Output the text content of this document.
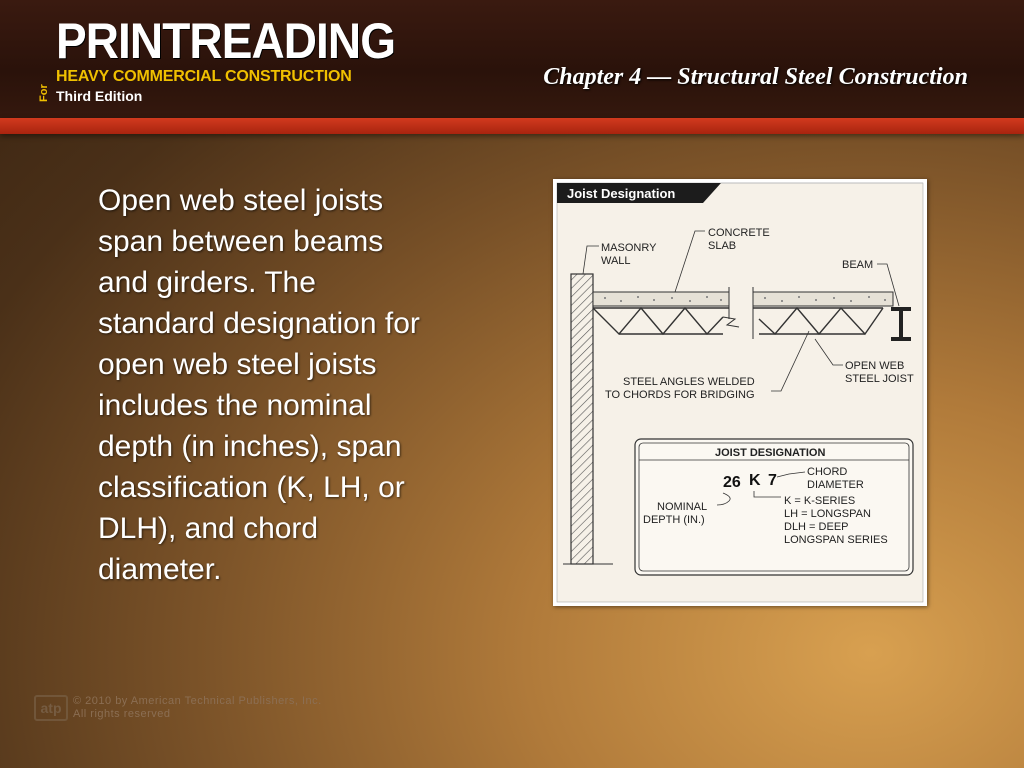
PRINTREADING
For
HEAVY COMMERCIAL CONSTRUCTION
Third Edition
Chapter 4 — Structural Steel Construction
Open web steel joists
span between beams
and girders. The
standard designation for
open web steel joists
includes the nominal
depth (in inches), span
classification (K, LH, or
DLH), and chord
diameter.
Joist Designation
MASONRY
WALL
CONCRETE
SLAB
BEAM
STEEL ANGLES WELDED
TO CHORDS FOR BRIDGING
OPEN WEB
STEEL JOIST
JOIST DESIGNATION
26 K 7	CHORD
DIAMETER
NOMINAL
DEPTH (IN.)
K = K-SERIES
LH = LONGSPAN
DLH = DEEP
LONGSPAN SERIES
atp	© 2010 by American Technical Publishers, Inc.
All rights reserved
